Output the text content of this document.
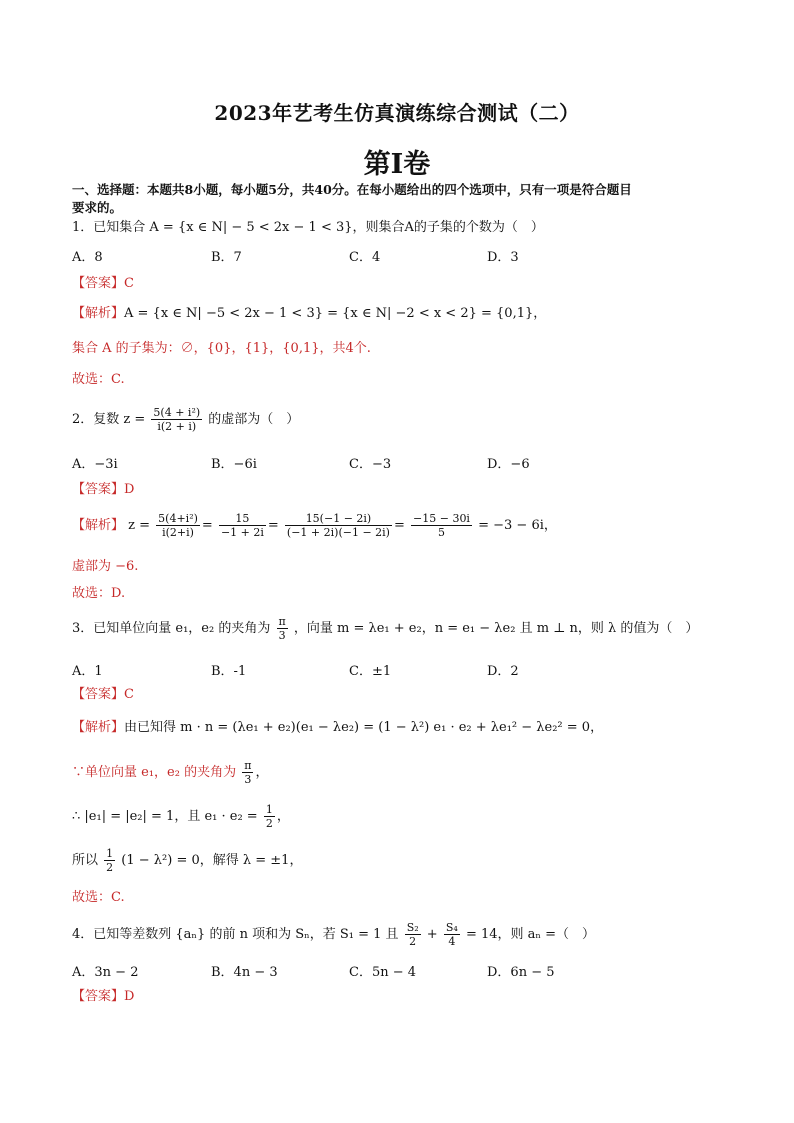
2023年艺考生仿真演练综合测试（二）
第I卷
一、选择题：本题共8小题，每小题5分，共40分。在每小题给出的四个选项中，只有一项是符合题目
要求的。
1．已知集合 A = {x ∈ N| − 5 < 2x − 1 < 3}，则集合A的子集的个数为（　）
A．8	B．7	C．4	D．3
【答案】C
【解析】A = {x ∈ N| −5 < 2x − 1 < 3} = {x ∈ N| −2 < x < 2} = {0,1}，
集合 A 的子集为：∅，{0}，{1}，{0,1}，共4个.
故选：C.
2．复数 $z = \frac{\text{5(4 + i²)}}{i(2 + i)}$ 的虚部为（　）
A．−3i	B．−6i	C．−3	D．−6
【答案】D
【解析】 $z = \frac{\text{5(4+i²)}}{i(2+i)} = \frac{15}{-1 + 2i} = \frac{15(-1 - 2i)}{(-1 + 2i)(-1 - 2i)} = \frac{-15 - 30i}{5} = -3 - 6i$，
虚部为 −6.
故选：D.
3．已知单位向量 e₁，e₂ 的夹角为 $\frac{\pi}{3}$ ，向量 m = λe₁ + e₂，n = e₁ − λe₂ 且 m ⊥ n，则 λ 的值为（　）
A．1	B．-1	C．±1	D．2
【答案】C
【解析】由已知得 m · n = (λe₁ + e₂)(e₁ − λe₂) = (1 − λ²) e₁ · e₂ + λe₁² − λe₂² = 0，
∵单位向量 e₁，e₂ 的夹角为 $\frac{\pi}{3}$ ，
∴ |e₁| = |e₂| = 1，且 $e_1 \cdot e_2 = \frac{1}{2}$ ，
所以 $\frac{1}{2} (1 - \lambda^2) = 0$，解得 λ = ±1，
故选：C.
4．已知等差数列 {aₙ} 的前 n 项和为 Sₙ，若 S₁ = 1 且 $\frac{\text{S₂}}{2} + \frac{\text{S₄}}{4} = 14$，则 aₙ =（　）
A．3n − 2	B．4n − 3	C．5n − 4	D．6n − 5
【答案】D
